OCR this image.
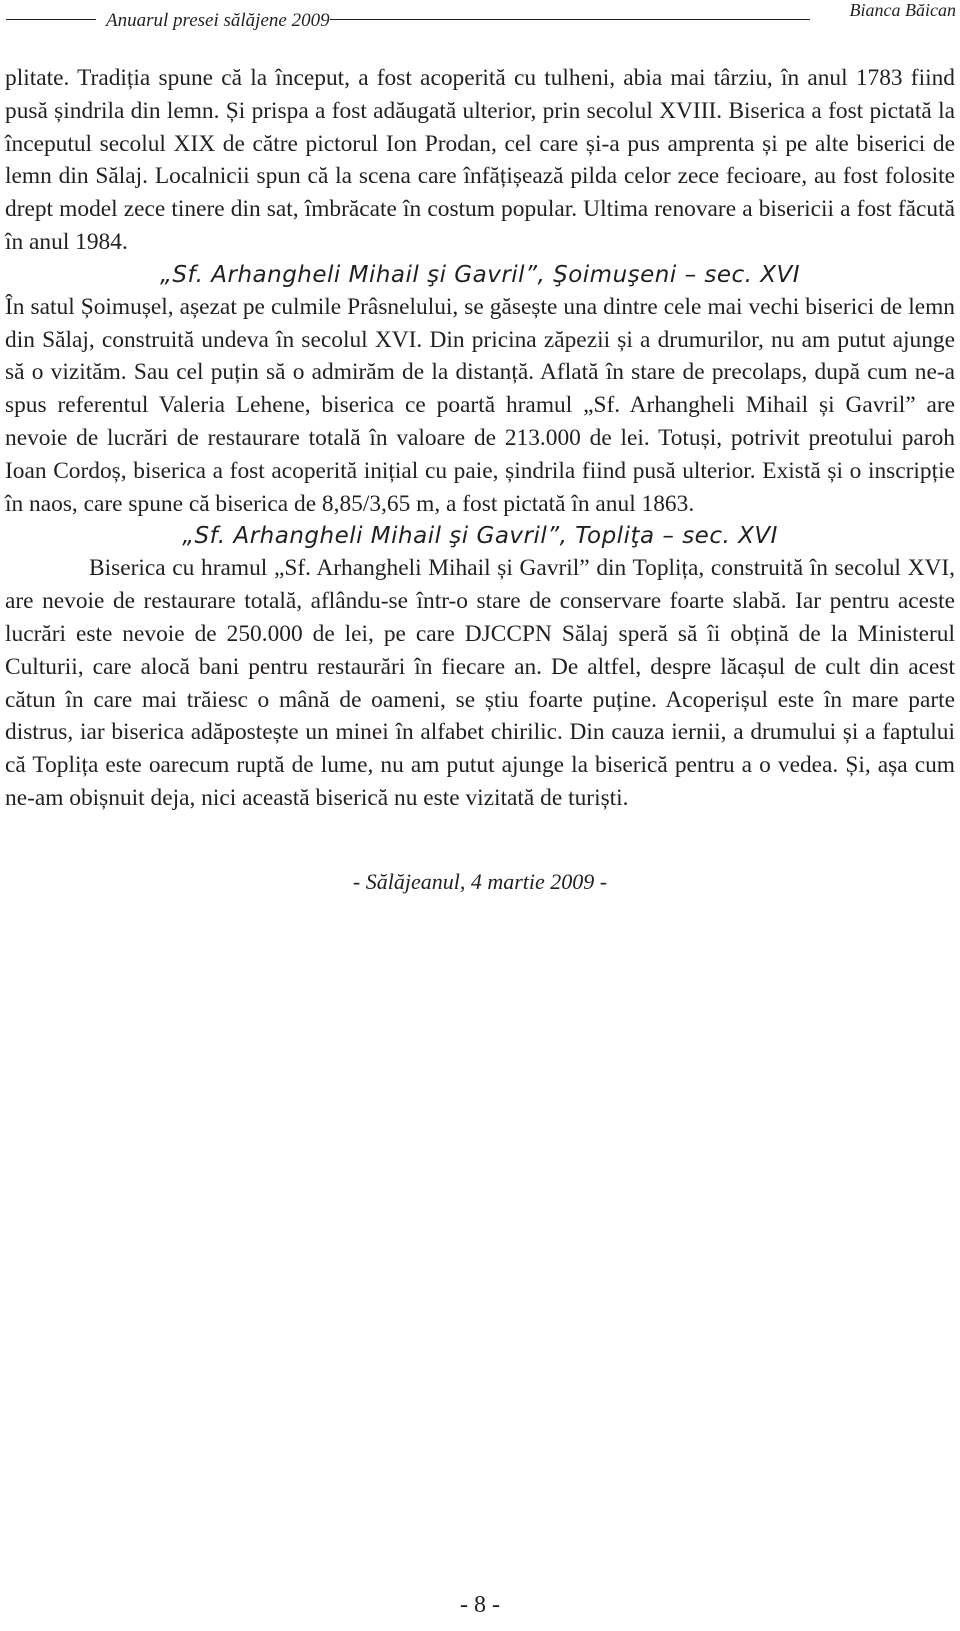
Anuarul presei sălăjene 2009	Bianca Băican

plitate. Tradiția spune că la început, a fost acoperită cu tulheni, abia mai târziu, în anul 1783 fiind pusă șindrila din lemn. Și prispa a fost adăugată ulterior, prin secolul XVIII. Biserica a fost pictată la începutul secolul XIX de către pictorul Ion Prodan, cel care și-a pus amprenta și pe alte biserici de lemn din Sălaj. Localnicii spun că la scena care înfățișează pilda celor zece fecioare, au fost folosite drept model zece tinere din sat, îmbrăcate în costum popular. Ultima renovare a bisericii a fost făcută în anul 1984.

„Sf. Arhangheli Mihail şi Gavril”, Şoimuşeni – sec. XVI

În satul Șoimușel, așezat pe culmile Prâsnelului, se găsește una dintre cele mai vechi biserici de lemn din Sălaj, construită undeva în secolul XVI. Din pricina zăpezii și a drumurilor, nu am putut ajunge să o vizităm. Sau cel puțin să o admirăm de la distanță. Aflată în stare de precolaps, după cum ne-a spus referentul Valeria Lehene, biserica ce poartă hramul „Sf. Arhangheli Mihail și Gavril” are nevoie de lucrări de restaurare totală în valoare de 213.000 de lei. Totuși, potrivit preotului paroh Ioan Cordoș, biserica a fost acoperită inițial cu paie, șindrila fiind pusă ulterior. Există și o inscripție în naos, care spune că biserica de 8,85/3,65 m, a fost pictată în anul 1863.

„Sf. Arhangheli Mihail şi Gavril”, Topliţa – sec. XVI

Biserica cu hramul „Sf. Arhangheli Mihail și Gavril” din Toplița, construită în secolul XVI, are nevoie de restaurare totală, aflându-se într-o stare de conservare foarte slabă. Iar pentru aceste lucrări este nevoie de 250.000 de lei, pe care DJCCPN Sălaj speră să îi obțină de la Ministerul Culturii, care alocă bani pentru restaurări în fiecare an. De altfel, despre lăcașul de cult din acest cătun în care mai trăiesc o mână de oameni, se știu foarte puține. Acoperișul este în mare parte distrus, iar biserica adăpostește un minei în alfabet chirilic. Din cauza iernii, a drumului și a faptului că Toplița este oarecum ruptă de lume, nu am putut ajunge la biserică pentru a o vedea. Și, așa cum ne-am obișnuit deja, nici această biserică nu este vizitată de turiști.

- Sălăjeanul, 4 martie 2009 -
- 8 -
